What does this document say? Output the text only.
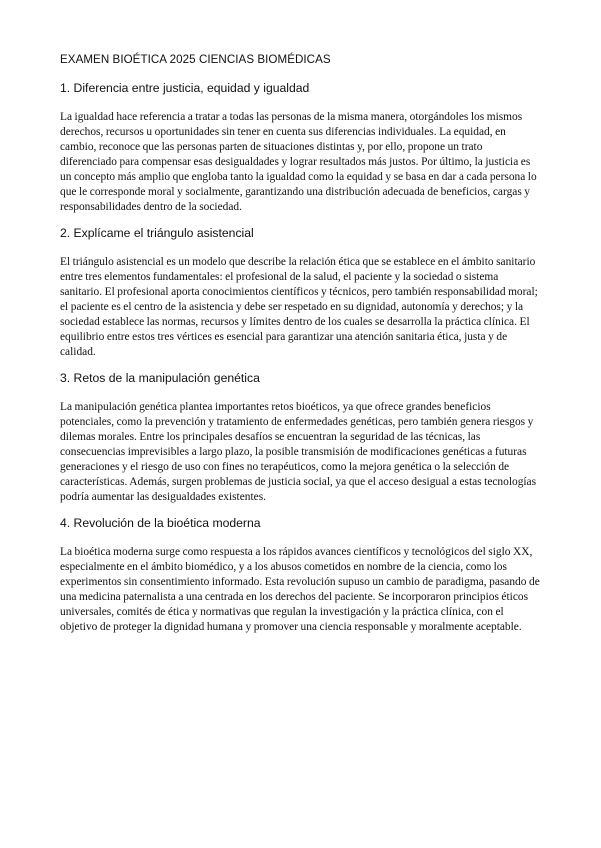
EXAMEN BIOÉTICA 2025 CIENCIAS BIOMÉDICAS
1. Diferencia entre justicia, equidad y igualdad

La igualdad hace referencia a tratar a todas las personas de la misma manera, otorgándoles los mismos derechos, recursos u oportunidades sin tener en cuenta sus diferencias individuales. La equidad, en cambio, reconoce que las personas parten de situaciones distintas y, por ello, propone un trato diferenciado para compensar esas desigualdades y lograr resultados más justos. Por último, la justicia es un concepto más amplio que engloba tanto la igualdad como la equidad y se basa en dar a cada persona lo que le corresponde moral y socialmente, garantizando una distribución adecuada de beneficios, cargas y responsabilidades dentro de la sociedad.

2. Explícame el triángulo asistencial

El triángulo asistencial es un modelo que describe la relación ética que se establece en el ámbito sanitario entre tres elementos fundamentales: el profesional de la salud, el paciente y la sociedad o sistema sanitario. El profesional aporta conocimientos científicos y técnicos, pero también responsabilidad moral; el paciente es el centro de la asistencia y debe ser respetado en su dignidad, autonomía y derechos; y la sociedad establece las normas, recursos y límites dentro de los cuales se desarrolla la práctica clínica. El equilibrio entre estos tres vértices es esencial para garantizar una atención sanitaria ética, justa y de calidad.

3. Retos de la manipulación genética

La manipulación genética plantea importantes retos bioéticos, ya que ofrece grandes beneficios potenciales, como la prevención y tratamiento de enfermedades genéticas, pero también genera riesgos y dilemas morales. Entre los principales desafíos se encuentran la seguridad de las técnicas, las consecuencias imprevisibles a largo plazo, la posible transmisión de modificaciones genéticas a futuras generaciones y el riesgo de uso con fines no terapéuticos, como la mejora genética o la selección de características. Además, surgen problemas de justicia social, ya que el acceso desigual a estas tecnologías podría aumentar las desigualdades existentes.

4. Revolución de la bioética moderna

La bioética moderna surge como respuesta a los rápidos avances científicos y tecnológicos del siglo XX, especialmente en el ámbito biomédico, y a los abusos cometidos en nombre de la ciencia, como los experimentos sin consentimiento informado. Esta revolución supuso un cambio de paradigma, pasando de una medicina paternalista a una centrada en los derechos del paciente. Se incorporaron principios éticos universales, comités de ética y normativas que regulan la investigación y la práctica clínica, con el objetivo de proteger la dignidad humana y promover una ciencia responsable y moralmente aceptable.
